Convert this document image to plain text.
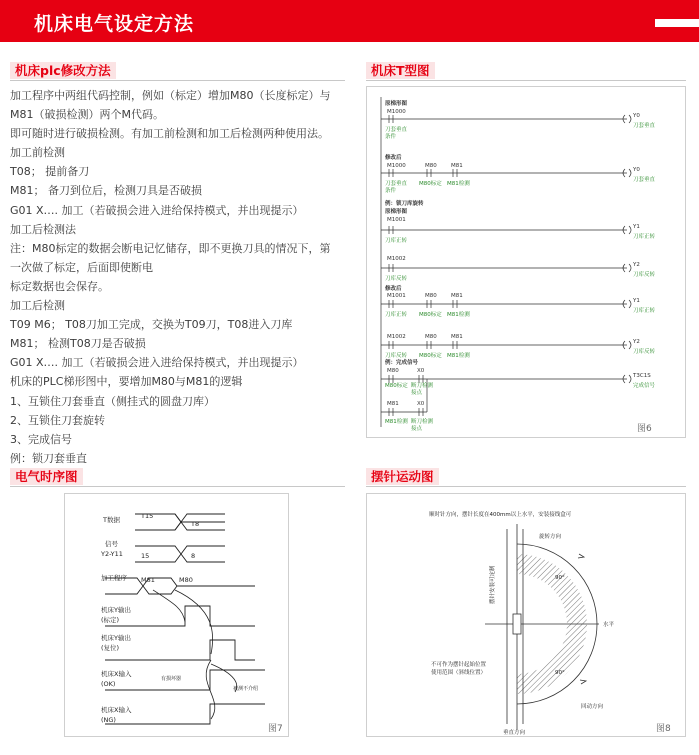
机床电气设定方法
机床plc修改方法	机床T型图
电气时序图	摆针运动图
加工程序中两组代码控制，例如（标定）增加M80（长度标定）与
M81（破损检测）两个M代码。
即可随时进行破损检测。有加工前检测和加工后检测两种使用法。
加工前检测
T08； 提前备刀
M81； 备刀到位后，检测刀具是否破损
G01 X…. 加工（若破损会进入进给保持模式，并出现提示）
加工后检测法
注：M80标定的数据会断电记忆储存，即不更换刀具的情况下，第
一次做了标定，后面即使断电
标定数据也会保存。
加工后检测
T09 M6； T08刀加工完成，交换为T09刀，T08进入刀库
M81； 检测T08刀是否破损
G01 X…. 加工（若破损会进入进给保持模式，并出现提示）
机床的PLC梯形图中，要增加M80与M81的逻辑
1、互锁住刀套垂直（侧挂式的圆盘刀库）
2、互锁住刀套旋转
3、完成信号
例：锁刀套垂直
原梯形图
M1000
修改后
M1000	M80	M81
例：锁刀库旋转
原梯形图
M1001
M1002
修改后
M1001	M80	M81
M1002	M80	M81
例：完成信号
M80	X0
M81	X0
Y0
Y0
Y1
Y2
Y1
Y2
T3C1S
刀套垂直
条件
刀套垂直
条件
M80标定 M81检测
刀库正转
刀库反转
刀库正转 M80标定 M81检测
刀库反转 M80标定 M81检测
M80标定 断刀检测
接点
M81检测 断刀检测
接点
刀套垂直
刀套垂直
刀库正转
刀库反转
刀库正转
刀库反转
完成信号
图6
T数据
信号
Y2-Y11
T15
T8
15	8
加工程序 M81	M80
机床Y输出
(标定)
机床Y输出
(复位)
机床X输入
(OK)
机床X输入
(NG)
有损坏器
被测不介绍
图7
顺时针方向，摆针长度在400mm以上水平，安装接线盒可
旋转方向
90°
水平
90°
不可作为摆针起始位置
使用范围（斜线位置）
垂直方向
回动方向
摆针安装可定制
图8
